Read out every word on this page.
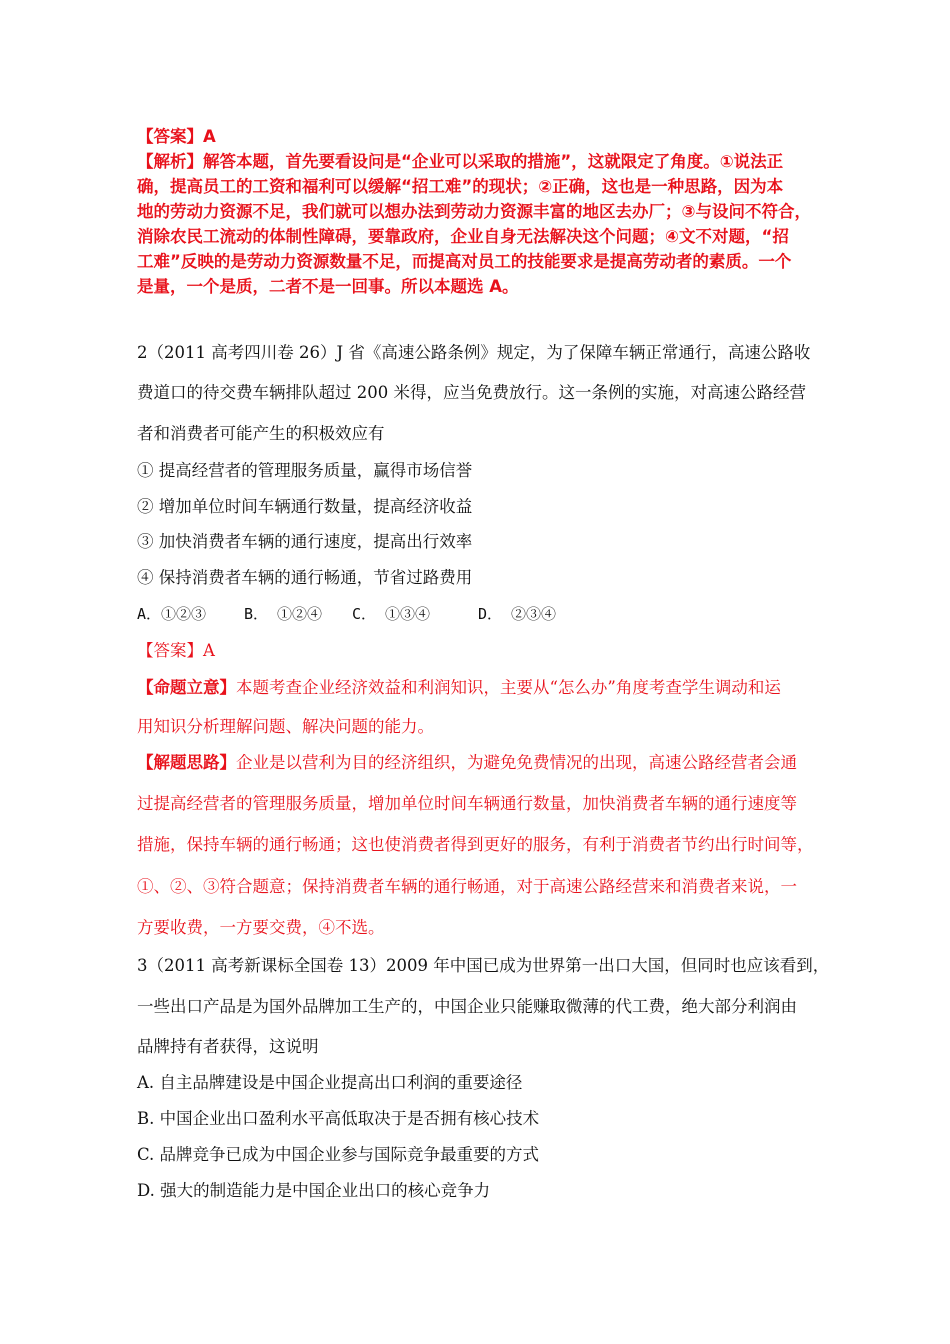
【答案】A
【解析】解答本题，首先要看设问是“企业可以采取的措施”，这就限定了角度。①说法正
确，提高员工的工资和福利可以缓解“招工难”的现状；②正确，这也是一种思路，因为本
地的劳动力资源不足，我们就可以想办法到劳动力资源丰富的地区去办厂；③与设问不符合，
消除农民工流动的体制性障碍，要靠政府，企业自身无法解决这个问题；④文不对题，“招
工难”反映的是劳动力资源数量不足，而提高对员工的技能要求是提高劳动者的素质。一个
是量，一个是质，二者不是一回事。所以本题选 A。
2（2011 高考四川卷 26）J 省《高速公路条例》规定，为了保障车辆正常通行，高速公路收
费道口的待交费车辆排队超过 200 米得，应当免费放行。这一条例的实施，对高速公路经营
者和消费者可能产生的积极效应有
① 提高经营者的管理服务质量，赢得市场信誉
② 增加单位时间车辆通行数量，提高经济收益
③ 加快消费者车辆的通行速度，提高出行效率
④ 保持消费者车辆的通行畅通，节省过路费用
A．①②③	B． ①②④ C． ①③④	D． ②③④
【答案】A
【命题立意】本题考查企业经济效益和利润知识，主要从“怎么办”角度考查学生调动和运
用知识分析理解问题、解决问题的能力。
【解题思路】企业是以营利为目的经济组织，为避免免费情况的出现，高速公路经营者会通
过提高经营者的管理服务质量，增加单位时间车辆通行数量，加快消费者车辆的通行速度等
措施，保持车辆的通行畅通；这也使消费者得到更好的服务，有利于消费者节约出行时间等，
①、②、③符合题意；保持消费者车辆的通行畅通，对于高速公路经营来和消费者来说，一
方要收费，一方要交费，④不选。
3（2011 高考新课标全国卷 13）2009 年中国已成为世界第一出口大国，但同时也应该看到，
一些出口产品是为国外品牌加工生产的，中国企业只能赚取微薄的代工费，绝大部分利润由
品牌持有者获得，这说明
A. 自主品牌建设是中国企业提高出口利润的重要途径
B. 中国企业出口盈利水平高低取决于是否拥有核心技术
C. 品牌竞争已成为中国企业参与国际竞争最重要的方式
D. 强大的制造能力是中国企业出口的核心竞争力
